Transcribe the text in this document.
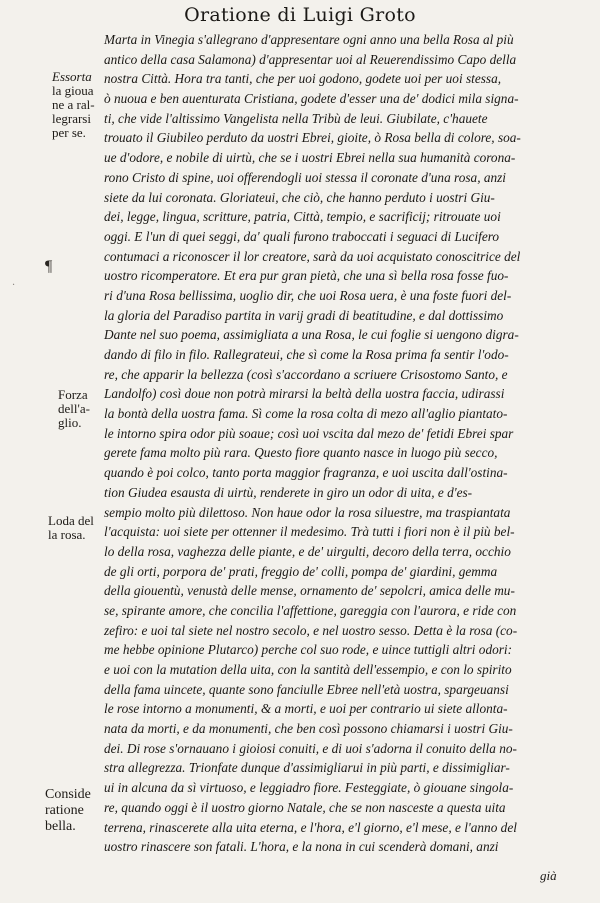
Oratione di Luigi Groto
Marta in Vinegia s'allegrano d'appresentare ogni anno una bella Rosa al più
antico della casa Salamona) d'appresentar uoi al Reuerendissimo Capo della
nostra Città. Hora tra tanti, che per uoi godono, godete uoi per uoi stessa,
ò nuoua e ben auenturata Cristiana, godete d'esser una de' dodici mila signa-
ti, che vide l'altissimo Vangelista nella Tribù de leui. Giubilate, c'hauete
trouato il Giubileo perduto da uostri Ebrei, gioite, ò Rosa bella di colore, soa-
ue d'odore, e nobile di uirtù, che se i uostri Ebrei nella sua humanità corona-
rono Cristo di spine, uoi offerendogli uoi stessa il coronate d'una rosa, anzi
siete da lui coronata. Gloriateui, che ciò, che hanno perduto i uostri Giu-
dei, legge, lingua, scritture, patria, Città, tempio, e sacrificij; ritrouate uoi
oggi. E l'un di quei seggi, da' quali furono traboccati i seguaci di Lucifero
contumaci a riconoscer il lor creatore, sarà da uoi acquistato conoscitrice del
uostro ricomperatore. Et era pur gran pietà, che una sì bella rosa fosse fuo-
ri d'una Rosa bellissima, uoglio dir, che uoi Rosa uera, è una foste fuori del-
la gloria del Paradiso partita in varij gradi di beatitudine, e dal dottissimo
Dante nel suo poema, assimigliata a una Rosa, le cui foglie si uengono digra-
dando di filo in filo. Rallegrateui, che sì come la Rosa prima fa sentir l'odo-
re, che apparir la bellezza (così s'accordano a scriuere Crisostomo Santo, e
Landolfo) così doue non potrà mirarsi la beltà della uostra faccia, udirassi
la bontà della uostra fama. Sì come la rosa colta di mezo all'aglio piantato-
le intorno spira odor più soaue; così uoi vscita dal mezo de' fetidi Ebrei spar
gerete fama molto più rara. Questo fiore quanto nasce in luogo più secco,
quando è poi colco, tanto porta maggior fragranza, e uoi uscita dall'ostina-
tion Giudea esausta di uirtù, renderete in giro un odor di uita, e d'es-
sempio molto più dilettoso. Non haue odor la rosa siluestre, ma traspiantata
l'acquista: uoi siete per ottenner il medesimo. Trà tutti i fiori non è il più bel-
lo della rosa, vaghezza delle piante, e de' uirgulti, decoro della terra, occhio
de gli orti, porpora de' prati, freggio de' colli, pompa de' giardini, gemma
della giouentù, venustà delle mense, ornamento de' sepolcri, amica delle mu-
se, spirante amore, che concilia l'affettione, gareggia con l'aurora, e ride con
zefiro: e uoi tal siete nel nostro secolo, e nel uostro sesso. Detta è la rosa (co-
me hebbe opinione Plutarco) perche col suo rode, e uince tuttigli altri odori:
e uoi con la mutation della uita, con la santità dell'essempio, e con lo spirito
della fama uincete, quante sono fanciulle Ebree nell'età uostra, spargeuansi
le rose intorno a monumenti, & a morti, e uoi per contrario ui siete allonta-
nata da morti, e da monumenti, che ben così possono chiamarsi i uostri Giu-
dei. Di rose s'ornauano i gioiosi conuiti, e di uoi s'adorna il conuito della no-
stra allegrezza. Trionfate dunque d'assimigliarui in più parti, e dissimigliar-
ui in alcuna da sì virtuoso, e leggiadro fiore. Festeggiate, ò giouane singola-
re, quando oggi è il uostro giorno Natale, che se non nasceste a questa uita
terrena, rinascerete alla uita eterna, e l'hora, e'l giorno, e'l mese, e l'anno del
uostro rinascere son fatali. L'hora, e la nona in cui scenderà domani, anzi
Essorta
la gioua
ne a ral-
legrarsi
per se.
Forza
dell'a-
glio.
Loda del
la rosa.
Conside
ratione
bella.
¶
già
·
